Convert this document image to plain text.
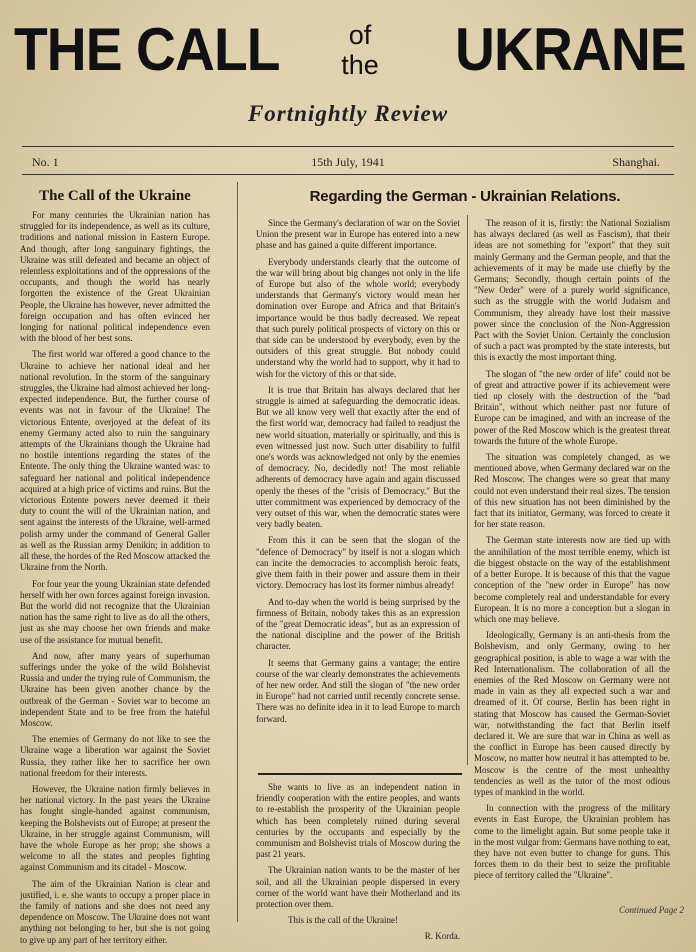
THE CALL	of
the	UKRANE
Fortnightly Review
No. 1	15th July, 1941	Shanghai.
The Call of the Ukraine	Regarding the German - Ukrainian Relations.

For many centuries the Ukrainian nation has struggled for its independence, as well as its culture, traditions and national mission in Eastern Europe. And though, after long sanguinary fightings, the Ukraine was still defeated and became an object of relentless exploitations and of the oppressions of the occupants, and though the world has nearly forgotten the existence of the Great Ukrainian People, the Ukraine has however, never admitted the foreign occupation and has often evinced her longing for national political independence even with the blood of her best sons.

The first world war offered a good chance to the Ukraine to achieve her national ideal and her national revolution. In the storm of the sanguinary struggles, the Ukraine had almost achieved her long-expected independence. But, the further course of events was not in favour of the Ukraine! The victorious Entente, overjoyed at the defeat of its enemy Germany acted also to ruin the sanguinary attempts of the Ukrainians though the Ukraine had no hostile intentions regarding the states of the Entente. The only thing the Ukraine wanted was: to safeguard her national and political independence acquired at a high price of victims and ruins. But the victorious Entente powers never deemed it their duty to count the will of the Ukrainian nation, and sent against the interests of the Ukraine, well-armed polish army under the command of General Galler as well as the Russian army Denikin; in addition to all these, the hordes of the Red Moscow attacked the Ukraine from the North.

For four year the young Ukrainian state defended herself with her own forces against foreign invasion. But the world did not recognize that the Ukrainian nation has the same right to live as do all the others, just as she may choose her own friends and make use of the assistance for mutual benefit.

And now, after many years of superhuman sufferings under the yoke of the wild Bolshevist Russia and under the trying rule of Communism, the Ukraine has been given another chance by the outbreak of the German - Soviet war to become an independent State and to be free from the hateful Moscow.

The enemies of Germany do not like to see the Ukraine wage a liberation war against the Soviet Russia, they rather like her to sacrifice her own national freedom for their interests.

However, the Ukraine nation firmly believes in her national victory. In the past years the Ukraine has fought single-handed against communism, keeping the Bolshevists out of Europe; at present the Ukraine, in her struggle against Communism, will have the whole Europe as her prop; she shows a welcome to all the states and peoples fighting against Communism and its citadel - Moscow.

The aim of the Ukrainian Nation is clear and justified, i. e. she wants to occupy a proper place in the family of nations and she does not need any dependence on Moscow. The Ukraine does not want anything not belonging to her, but she is not going to give up any part of her territory either.

Since the Germany's declaration of war on the Soviet Union the present war in Europe has entered into a new phase and has gained a quite different importance.

Everybody understands clearly that the outcome of the war will bring about big changes not only in the life of Europe but also of the whole world; everybody understands that Germany's victory would mean her domination over Europe and Africa and that Britain's importance would be thus badly decreased. We repeat that such purely political prospects of victory on this or that side can be understood by everybody, even by the outsiders of this great struggle. But nobody could understand why the world had to support, why it had to wish for the victory of this or that side.

It is true that Britain has always declared that her struggle is aimed at safeguarding the democratic ideas. But we all know very well that exactly after the end of the first world war, democracy had failed to readjust the new world situation, materially or spiritually, and this is even witnessed just now. Such utter disability to fulfil one's words was acknowledged not only by the enemies of democracy. No, decidedly not! The most reliable adherents of democracy have again and again discussed openly the theses of the "crisis of Democracy." But the utter commitment was experienced by democracy of the very outset of this war, when the democratic states were very badly beaten.

From this it can be seen that the slogan of the "defence of Democracy" by itself is not a slogan which can incite the democracies to accomplish heroic feats, give them faith in their power and assure them in their victory. Democracy has lost its former nimbus already!

And to-day when the world is being surprised by the firmness of Britain, nobody takes this as an expression of the "great Democratic ideas", but as an expression of the national discipline and the power of the British character.

It seems that Germany gains a vantage; the entire course of the war clearly demonstrates the achievements of her new order. And still the slogan of "the new order in Europe" had not carried until recently concrete sense. There was no definite idea in it to lead Europe to march forward.

She wants to live as an independent nation in friendly cooperation with the entire peoples, and wants to re-establish the prosperity of the Ukrainian people which has been completely ruined during several centuries by the occupants and especially by the communism and Bolshevist trials of Moscow during the past 21 years.

The Ukrainian nation wants to be the master of her soil, and all the Ukrainian people dispersed in every corner of the world want have their Motherland and its protection over them.

This is the call of the Ukraine!

R. Korda.

The reason of it is, firstly: the National Sozialism has always declared (as well as Fascism), that their ideas are not something for "export" that they suit mainly Germany and the German people, and that the achievements of it may be made use chiefly by the Germans; Secondly, though certain points of the "New Order" were of a purely world significance, such as the struggle with the world Judaism and Communism, they already have lost their massive power since the conclusion of the Non-Aggression Pact with the Soviet Union. Certainly the conclusion of such a pact was prompted by the state interests, but this is exactly the most important thing.

The slogan of "the new order of life" could not be of great and attractive power if its achievement were tied up closely with the destruction of the "bad Britain", without which neither past nor future of Europe can be imagined, and with an increase of the power of the Red Moscow which is the greatest threat towards the future of the whole Europe.

The situation was completely changed, as we mentioned above, when Germany declared war on the Red Moscow. The changes were so great that many could not even understand their real sizes. The tension of this new situation has not been diminished by the fact that its initiator, Germany, was forced to create it for her state reason.

The German state interests now are tied up with the annihilation of the most terrible enemy, which ist die biggest obstacle on the way of the establishment of a better Europe. It is because of this that the vague conception of the "new order in Europe" has now become completely real and understandable for every European. It is no more a conception but a slogan in which one may believe.

Ideologically, Germany is an anti-thesis from the Bolshevism, and only Germany, owing to her geographical position, is able to wage a war with the Red Internationalism. The collaboration of all the enemies of the Red Moscow on Germany were not made in vain as they all expected such a war and dreamed of it. Of course, Berlin has been right in stating that Moscow has caused the German-Soviet war, notwithstanding the fact that Berlin itself declared it. We are sure that war in China as well as the conflict in Europe has been caused directly by Moscow, no matter how neutral it has attempted to be. Moscow is the centre of the most unhealthy tendencies as well as the tutor of the most odious types of mankind in the world.

In connection with the progress of the military events in East Europe, the Ukrainian problem has come to the limelight again. But some people take it in the most vulgar from: Germans have nothing to eat, they have not even butter to change for guns. This forces them to do their best to seize the profitable piece of territory called the "Ukraine".

Continued Page 2
